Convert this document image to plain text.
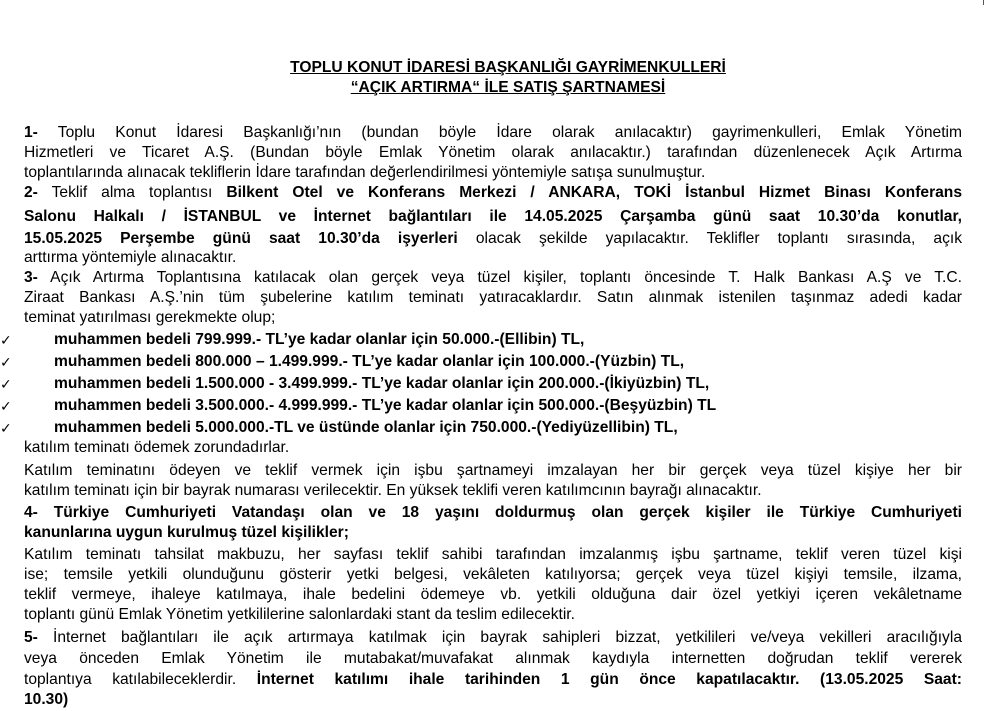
TOPLU KONUT İDARESİ BAŞKANLIĞI GAYRİMENKULLERİ
“AÇIK ARTIRMA“ İLE SATIŞ ŞARTNAMESİ
1- Toplu Konut İdaresi Başkanlığı’nın (bundan böyle İdare olarak anılacaktır) gayrimenkulleri, Emlak Yönetim
Hizmetleri ve Ticaret A.Ş. (Bundan böyle Emlak Yönetim olarak anılacaktır.) tarafından düzenlenecek Açık Artırma
toplantılarında alınacak tekliflerin İdare tarafından değerlendirilmesi yöntemiyle satışa sunulmuştur.
2- Teklif alma toplantısı Bilkent Otel ve Konferans Merkezi / ANKARA, TOKİ İstanbul Hizmet Binası Konferans
Salonu Halkalı / İSTANBUL ve İnternet bağlantıları ile 14.05.2025 Çarşamba günü saat 10.30’da konutlar,
15.05.2025 Perşembe günü saat 10.30’da işyerleri olacak şekilde yapılacaktır. Teklifler toplantı sırasında, açık
arttırma yöntemiyle alınacaktır.
3- Açık Artırma Toplantısına katılacak olan gerçek veya tüzel kişiler, toplantı öncesinde T. Halk Bankası A.Ş ve T.C.
Ziraat Bankası A.Ş.’nin tüm şubelerine katılım teminatı yatıracaklardır. Satın alınmak istenilen taşınmaz adedi kadar
teminat yatırılması gerekmekte olup;
✓	muhammen bedeli 799.999.- TL’ye kadar olanlar için 50.000.-(Ellibin) TL,
✓	muhammen bedeli 800.000 – 1.499.999.- TL’ye kadar olanlar için 100.000.-(Yüzbin) TL,
✓	muhammen bedeli 1.500.000 - 3.499.999.- TL’ye kadar olanlar için 200.000.-(İkiyüzbin) TL,
✓	muhammen bedeli 3.500.000.- 4.999.999.- TL’ye kadar olanlar için 500.000.-(Beşyüzbin) TL
✓	muhammen bedeli 5.000.000.-TL ve üstünde olanlar için 750.000.-(Yediyüzellibin) TL,
katılım teminatı ödemek zorundadırlar.
Katılım teminatını ödeyen ve teklif vermek için işbu şartnameyi imzalayan her bir gerçek veya tüzel kişiye her bir
katılım teminatı için bir bayrak numarası verilecektir. En yüksek teklifi veren katılımcının bayrağı alınacaktır.
4- Türkiye Cumhuriyeti Vatandaşı olan ve 18 yaşını doldurmuş olan gerçek kişiler ile Türkiye Cumhuriyeti
kanunlarına uygun kurulmuş tüzel kişilikler;
Katılım teminatı tahsilat makbuzu, her sayfası teklif sahibi tarafından imzalanmış işbu şartname, teklif veren tüzel kişi
ise; temsile yetkili olunduğunu gösterir yetki belgesi, vekâleten katılıyorsa; gerçek veya tüzel kişiyi temsile, ilzama,
teklif vermeye, ihaleye katılmaya, ihale bedelini ödemeye vb. yetkili olduğuna dair özel yetkiyi içeren vekâletname
toplantı günü Emlak Yönetim yetkililerine salonlardaki stant da teslim edilecektir.
5- İnternet bağlantıları ile açık artırmaya katılmak için bayrak sahipleri bizzat, yetkilileri ve/veya vekilleri aracılığıyla
veya önceden Emlak Yönetim ile mutabakat/muvafakat alınmak kaydıyla internetten doğrudan teklif vererek
toplantıya katılabileceklerdir. İnternet katılımı ihale tarihinden 1 gün önce kapatılacaktır. (13.05.2025 Saat:
10.30)
